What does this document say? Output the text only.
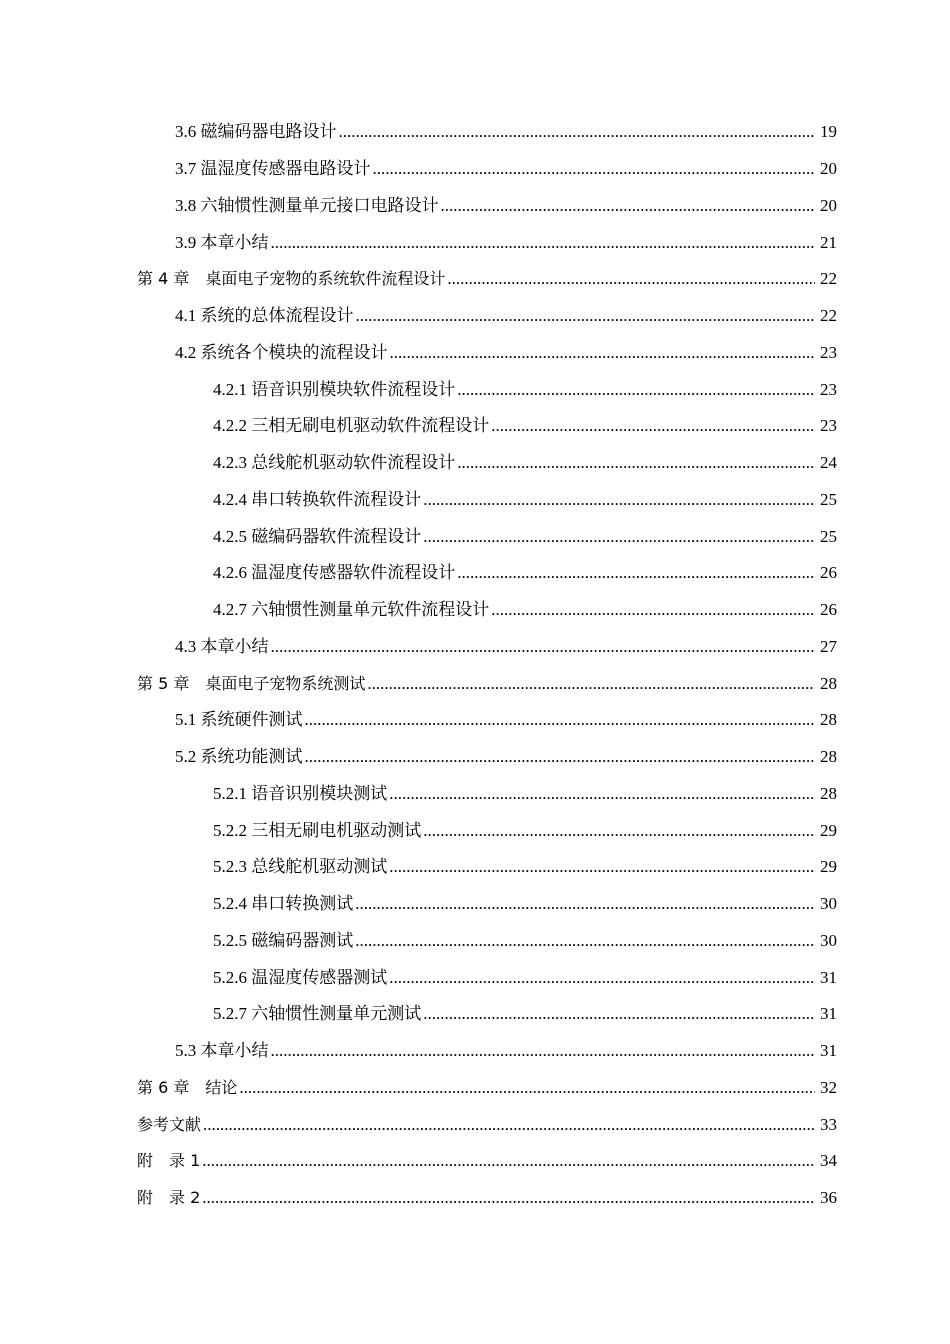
3.6 磁编码器电路设计 .....	19
3.7 温湿度传感器电路设计 .....	20
3.8 六轴惯性测量单元接口电路设计 .....	20
3.9 本章小结 .....	21
第 4 章　桌面电子宠物的系统软件流程设计 .....	22
4.1 系统的总体流程设计 .....	22
4.2 系统各个模块的流程设计 .....	23
4.2.1 语音识别模块软件流程设计 .....	23
4.2.2 三相无刷电机驱动软件流程设计 .....	23
4.2.3 总线舵机驱动软件流程设计 .....	24
4.2.4 串口转换软件流程设计 .....	25
4.2.5 磁编码器软件流程设计 .....	25
4.2.6 温湿度传感器软件流程设计 .....	26
4.2.7 六轴惯性测量单元软件流程设计 .....	26
4.3 本章小结 .....	27
第 5 章　桌面电子宠物系统测试 .....	28
5.1 系统硬件测试 .....	28
5.2 系统功能测试 .....	28
5.2.1 语音识别模块测试 .....	28
5.2.2 三相无刷电机驱动测试 .....	29
5.2.3 总线舵机驱动测试 .....	29
5.2.4 串口转换测试 .....	30
5.2.5 磁编码器测试 .....	30
5.2.6 温湿度传感器测试 .....	31
5.2.7 六轴惯性测量单元测试 .....	31
5.3 本章小结 .....	31
第 6 章　结论 .....	32
参考文献 .....	33
附　录 1 .....	34
附　录 2 .....	36
